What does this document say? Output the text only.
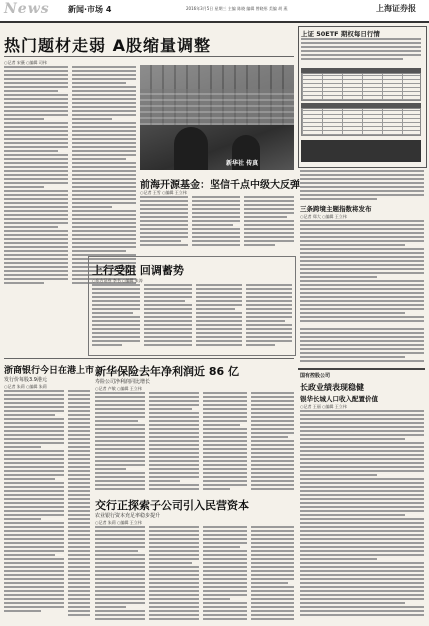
News 新闻·市场 4	2016年3月5日 星期三 主编 陈晓 编辑 曾晓彤 美编 胡 燕	上海证券报
热门题材走弱 A股缩量调整
○记者 宋薇 ○编辑 司伟
新华社 传真
上证 50ETF 期权每日行情
前海开源基金：坚信千点中级大反弹
○记者 王雪 ○编辑 王立伟
三条跨境主题指数将发布
○记者 郑大 ○编辑 王立伟
上行受阻 回调蓄势
○东方证券 李书 ○编辑 张涛
浙商银行今日在港上市
发行价每股3.9港元
○记者 朱莉 ○编辑 朱莉
新华保险去年净利润近 86 亿
寿险公司净利润同比增长
○记者 卢敏 ○编辑 王立伟
交行正探索子公司引入民营资本
农业银行资本充足率稳步提升
○记者 朱莉 ○编辑 王立伟
国有控股公司
长政业绩表现稳健
银华长城人口收入配置价值
○记者 王丽 ○编辑 王立伟
